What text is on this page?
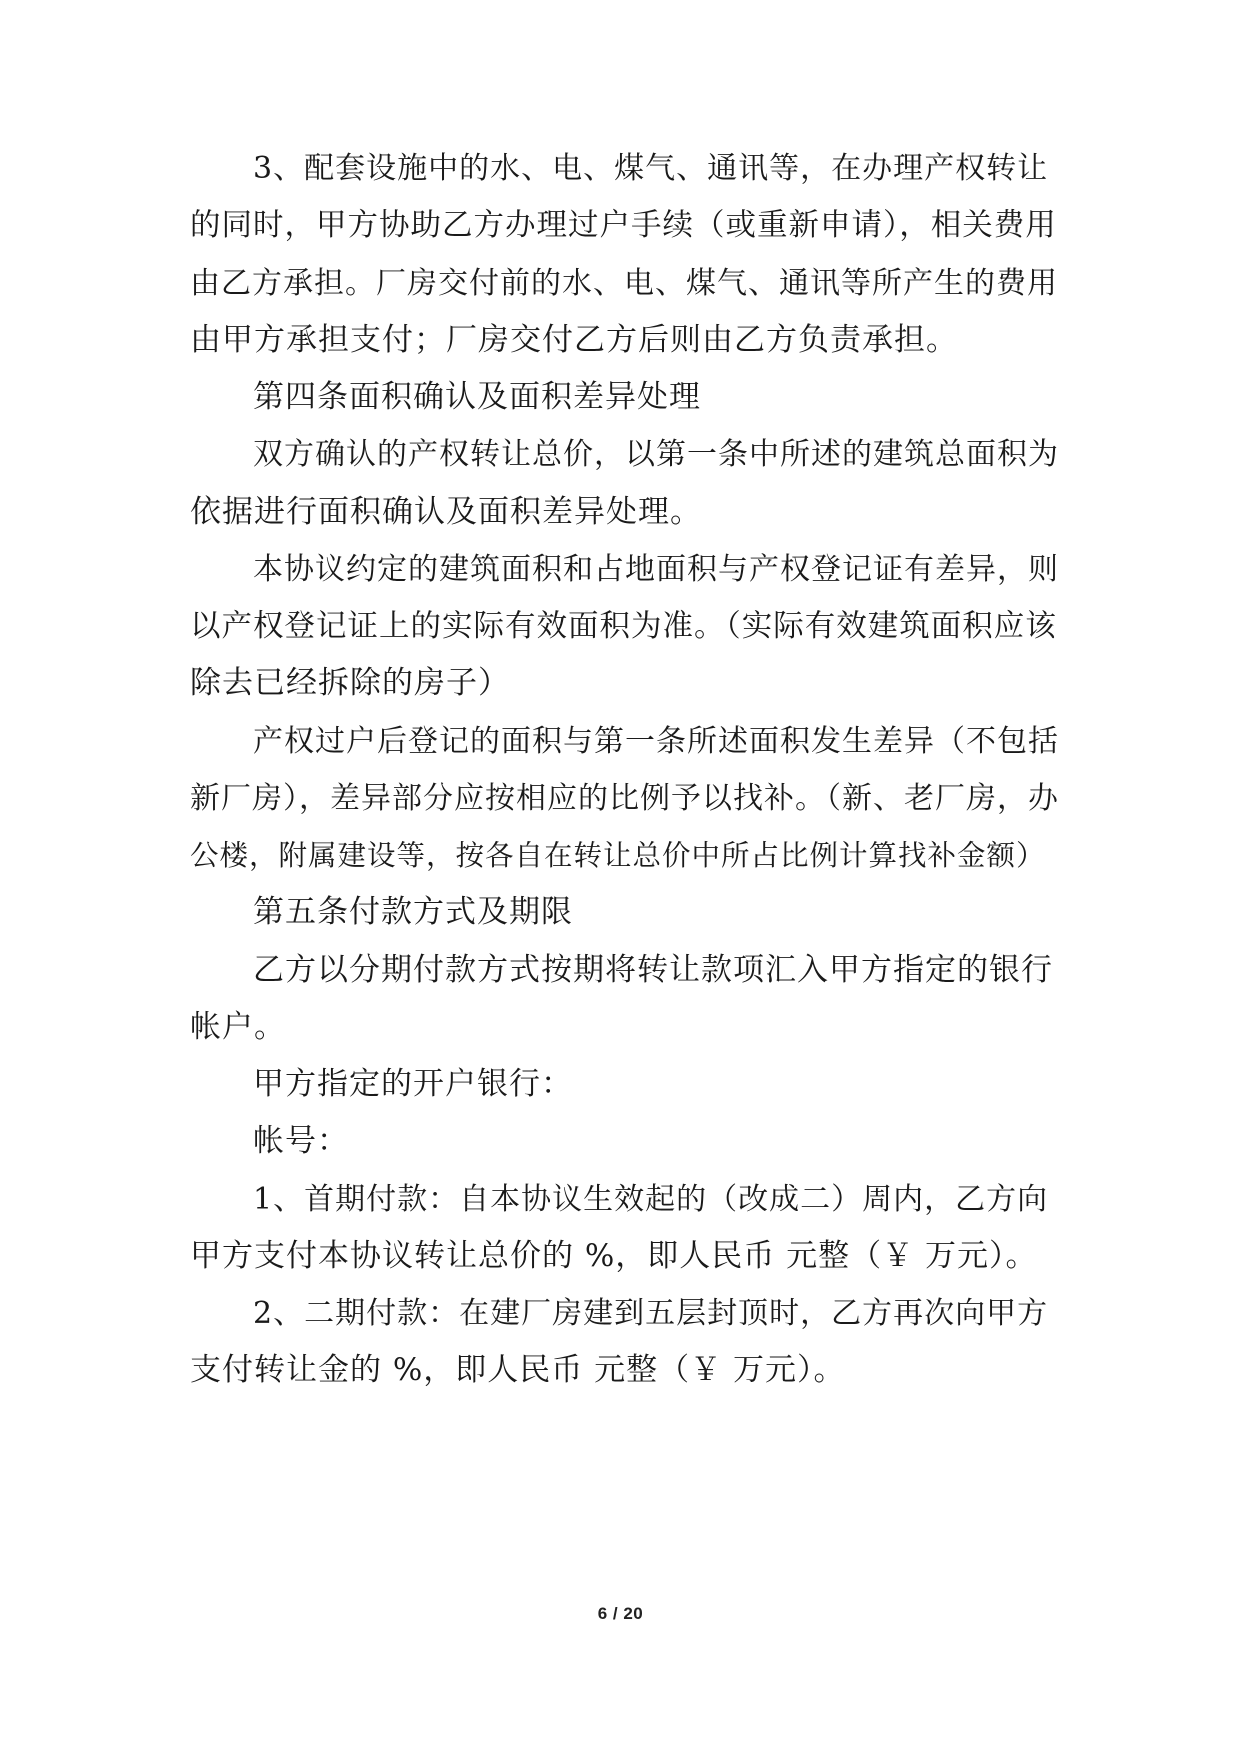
3、配套设施中的水、电、煤气、通讯等，在办理产权转让
的同时，甲方协助乙方办理过户手续（或重新申请），相关费用
由乙方承担。厂房交付前的水、电、煤气、通讯等所产生的费用
由甲方承担支付；厂房交付乙方后则由乙方负责承担。
第四条面积确认及面积差异处理
双方确认的产权转让总价，以第一条中所述的建筑总面积为
依据进行面积确认及面积差异处理。
本协议约定的建筑面积和占地面积与产权登记证有差异，则
以产权登记证上的实际有效面积为准。（实际有效建筑面积应该
除去已经拆除的房子）
产权过户后登记的面积与第一条所述面积发生差异（不包括
新厂房），差异部分应按相应的比例予以找补。（新、老厂房，办
公楼，附属建设等，按各自在转让总价中所占比例计算找补金额）
第五条付款方式及期限
乙方以分期付款方式按期将转让款项汇入甲方指定的银行
帐户。
甲方指定的开户银行：
帐号：
1、首期付款：自本协议生效起的（改成二）周内，乙方向
甲方支付本协议转让总价的 %，即人民币 元整（￥ 万元）。
2、二期付款：在建厂房建到五层封顶时，乙方再次向甲方
支付转让金的 %，即人民币 元整（￥ 万元）。
6 / 20
